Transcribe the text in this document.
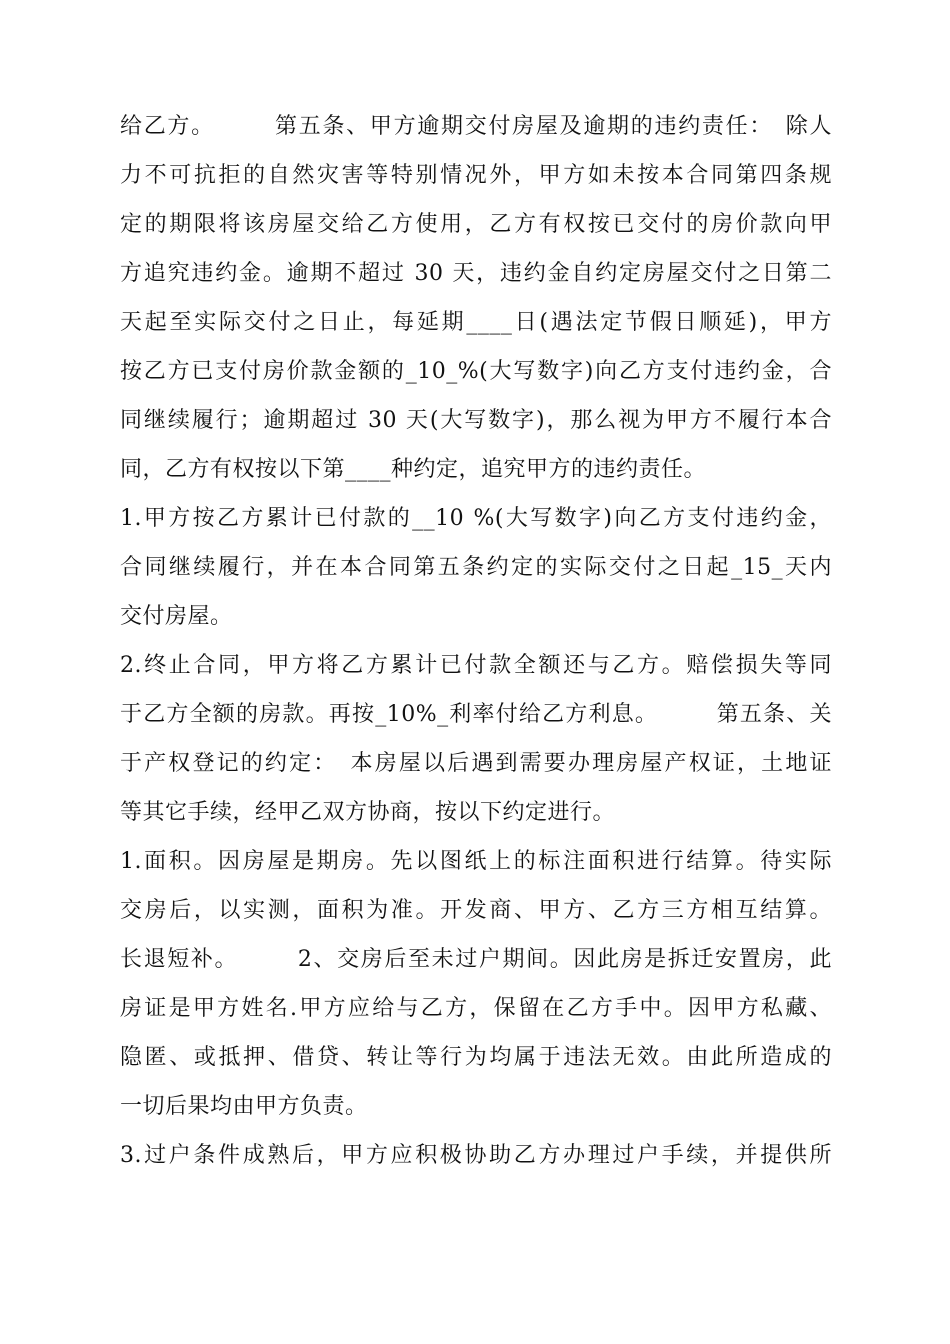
给乙方。　　　第五条、甲方逾期交付房屋及逾期的违约责任：　除人
力不可抗拒的自然灾害等特别情况外，甲方如未按本合同第四条规
定的期限将该房屋交给乙方使用，乙方有权按已交付的房价款向甲
方追究违约金。逾期不超过 30 天，违约金自约定房屋交付之日第二
天起至实际交付之日止，每延期____日(遇法定节假日顺延)，甲方
按乙方已支付房价款金额的_10_%(大写数字)向乙方支付违约金，合
同继续履行；逾期超过 30 天(大写数字)，那么视为甲方不履行本合
同，乙方有权按以下第____种约定，追究甲方的违约责任。
1.甲方按乙方累计已付款的__10 %(大写数字)向乙方支付违约金，
合同继续履行，并在本合同第五条约定的实际交付之日起_15_天内
交付房屋。
2.终止合同，甲方将乙方累计已付款全额还与乙方。赔偿损失等同
于乙方全额的房款。再按_10%_利率付给乙方利息。　　　第五条、关
于产权登记的约定：　本房屋以后遇到需要办理房屋产权证，土地证
等其它手续，经甲乙双方协商，按以下约定进行。
1.面积。因房屋是期房。先以图纸上的标注面积进行结算。待实际
交房后，以实测，面积为准。开发商、甲方、乙方三方相互结算。
长退短补。　　　2、交房后至未过户期间。因此房是拆迁安置房，此
房证是甲方姓名.甲方应给与乙方，保留在乙方手中。因甲方私藏、
隐匿、或抵押、借贷、转让等行为均属于违法无效。由此所造成的
一切后果均由甲方负责。
3.过户条件成熟后，甲方应积极协助乙方办理过户手续，并提供所
